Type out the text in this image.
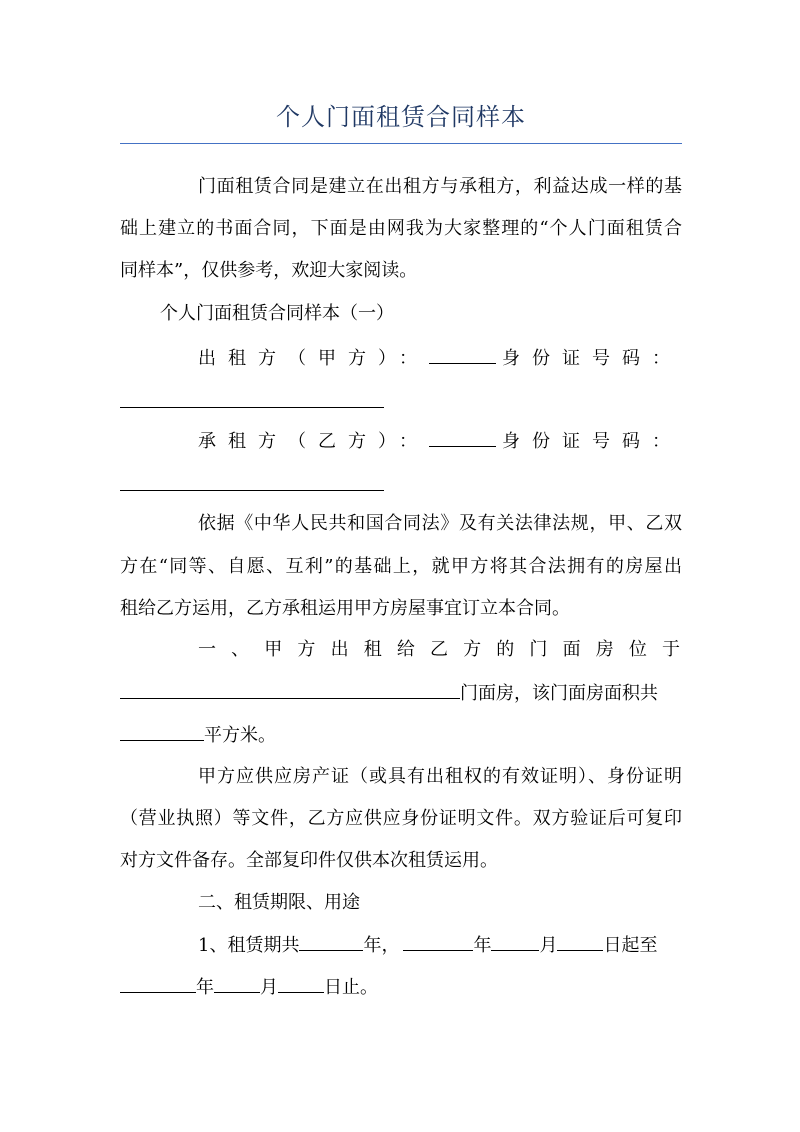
个人门面租赁合同样本
门面租赁合同是建立在出租方与承租方，利益达成一样的基
础上建立的书面合同，下面是由网我为大家整理的“个人门面租赁合
同样本”，仅供参考，欢迎大家阅读。
个人门面租赁合同样本（一）
出租方（甲方）：	身份证号码：
承租方（乙方）：	身份证号码：
依据《中华人民共和国合同法》及有关法律法规，甲、乙双
方在“同等、自愿、互利”的基础上，就甲方将其合法拥有的房屋出
租给乙方运用，乙方承租运用甲方房屋事宜订立本合同。
一、甲方出租给乙方的门面房位于
门面房，该门面房面积共
平方米。
甲方应供应房产证（或具有出租权的有效证明）、身份证明
（营业执照）等文件，乙方应供应身份证明文件。双方验证后可复印
对方文件备存。全部复印件仅供本次租赁运用。
二、租赁期限、用途
1、租赁期共	年，	年	月	日起至
年	月	日止。
